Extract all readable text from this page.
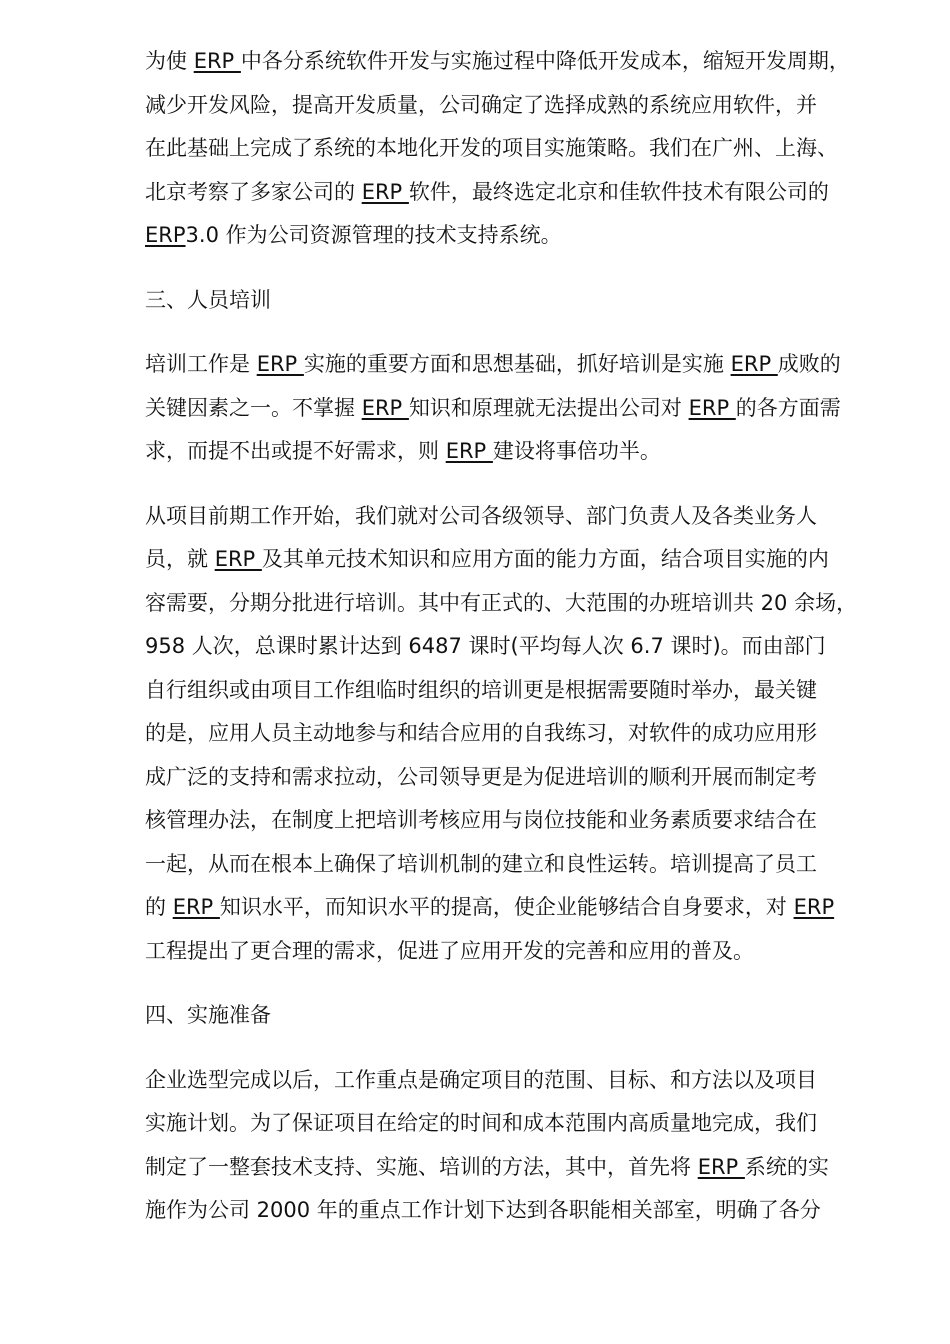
为使 ERP 中各分系统软件开发与实施过程中降低开发成本，缩短开发周期，
减少开发风险，提高开发质量，公司确定了选择成熟的系统应用软件，并
在此基础上完成了系统的本地化开发的项目实施策略。我们在广州、上海、
北京考察了多家公司的 ERP 软件，最终选定北京和佳软件技术有限公司的
ERP3.0 作为公司资源管理的技术支持系统。

三、人员培训

培训工作是 ERP 实施的重要方面和思想基础，抓好培训是实施 ERP 成败的
关键因素之一。不掌握 ERP 知识和原理就无法提出公司对 ERP 的各方面需
求，而提不出或提不好需求，则 ERP 建设将事倍功半。

从项目前期工作开始，我们就对公司各级领导、部门负责人及各类业务人
员，就 ERP 及其单元技术知识和应用方面的能力方面，结合项目实施的内
容需要，分期分批进行培训。其中有正式的、大范围的办班培训共 20 余场，
958 人次，总课时累计达到 6487 课时(平均每人次 6.7 课时)。而由部门
自行组织或由项目工作组临时组织的培训更是根据需要随时举办，最关键
的是，应用人员主动地参与和结合应用的自我练习，对软件的成功应用形
成广泛的支持和需求拉动，公司领导更是为促进培训的顺利开展而制定考
核管理办法，在制度上把培训考核应用与岗位技能和业务素质要求结合在
一起，从而在根本上确保了培训机制的建立和良性运转。培训提高了员工
的 ERP 知识水平，而知识水平的提高，使企业能够结合自身要求，对 ERP
工程提出了更合理的需求，促进了应用开发的完善和应用的普及。

四、实施准备

企业选型完成以后，工作重点是确定项目的范围、目标、和方法以及项目
实施计划。为了保证项目在给定的时间和成本范围内高质量地完成，我们
制定了一整套技术支持、实施、培训的方法，其中，首先将 ERP 系统的实
施作为公司 2000 年的重点工作计划下达到各职能相关部室，明确了各分
